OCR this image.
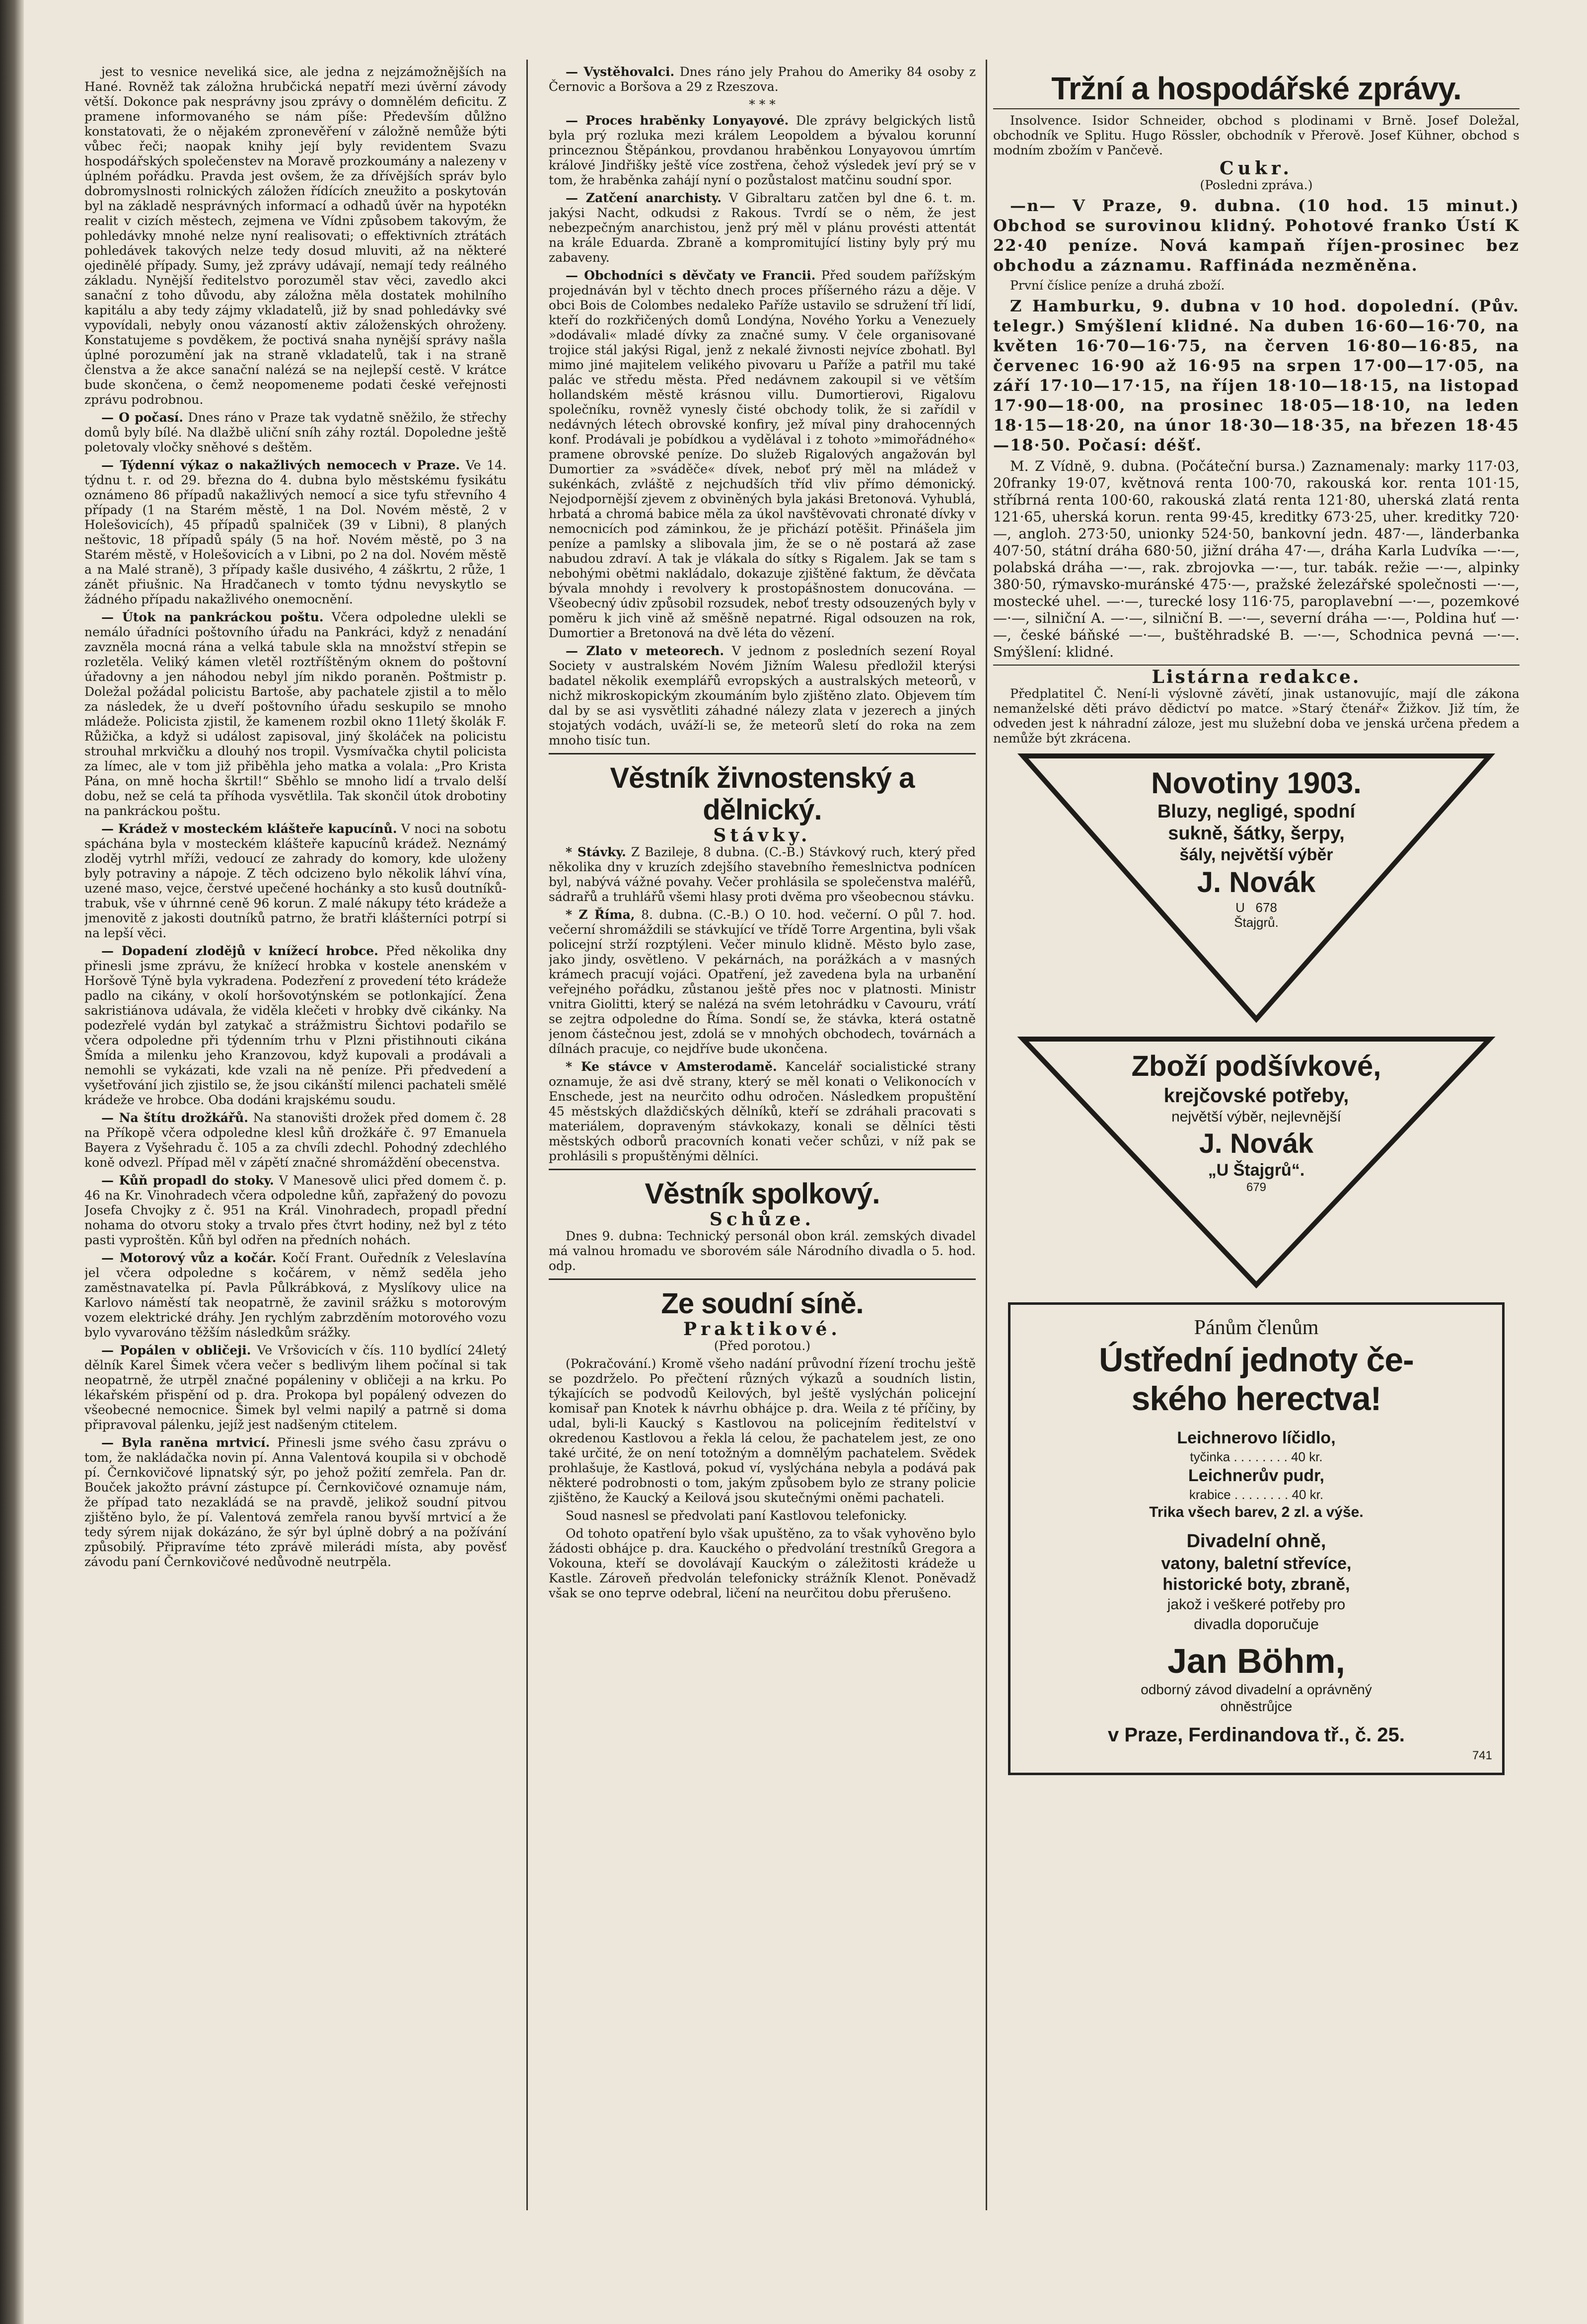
jest to vesnice neveliká sice, ale jedna z nejzámožnějších na Hané. Rovněž tak záložna hrubčická nepatří mezi úvěrní závody větší. Dokonce pak nesprávny jsou zprávy o domnělém deficitu. Z pramene informovaného se nám píše: Především důlžno konstatovati, že o nějakém zpronevěření v záložně nemůže býti vůbec řeči; naopak knihy její byly revidentem Svazu hospodářských společenstev na Moravě prozkoumány a nalezeny v úplném pořádku. Pravda jest ovšem, že za dřívějších správ bylo dobromyslnosti rolnických záložen řídících zneužito a poskytován byl na základě nesprávných informací a odhadů úvěr na hypotékn realit v cizích městech, zejmena ve Vídni způsobem takovým, že pohledávky mnohé nelze nyní realisovati; o effektivních ztrátách pohledávek takových nelze tedy dosud mluviti, až na některé ojedinělé případy. Sumy, jež zprávy udávají, nemají tedy reálného základu. Nynější ředitelstvo porozuměl stav věci, zavedlo akci sanační z toho důvodu, aby záložna měla dostatek mohilního kapitálu a aby tedy zájmy vkladatelů, již by snad pohledávky své vypovídali, nebyly onou vázaností aktiv záloženských ohroženy. Konstatujeme s povděkem, že poctivá snaha nynější správy našla úplné porozumění jak na straně vkladatelů, tak i na straně členstva a že akce sanační nalézá se na nejlepší cestě. V krátce bude skončena, o čemž neopomeneme podati české veřejnosti zprávu podrobnou.

— O počasí. Dnes ráno v Praze tak vydatně sněžilo, že střechy domů byly bílé. Na dlažbě uliční sníh záhy roztál. Dopoledne ještě poletovaly vločky sněhové s deštěm.

— Týdenní výkaz o nakažlivých nemocech v Praze. Ve 14. týdnu t. r. od 29. března do 4. dubna bylo městskému fysikátu oznámeno 86 případů nakažlivých nemocí a sice tyfu střevního 4 případy (1 na Starém městě, 1 na Dol. Novém městě, 2 v Holešovicích), 45 případů spalniček (39 v Libni), 8 planých neštovic, 18 případů spály (5 na hoř. Novém městě, po 3 na Starém městě, v Holešovicích a v Libni, po 2 na dol. Novém městě a na Malé straně), 3 případy kašle dusivého, 4 záškrtu, 2 růže, 1 zánět přiušnic. Na Hradčanech v tomto týdnu nevyskytlo se žádného případu nakažlivého onemocnění.

— Útok na pankráckou poštu. Včera odpoledne ulekli se nemálo úřadníci poštovního úřadu na Pankráci, když z nenadání zavzněla mocná rána a velká tabule skla na množství střepin se rozletěla. Veliký kámen vletěl roztříštěným oknem do poštovní úřadovny a jen náhodou nebyl jím nikdo poraněn. Poštmistr p. Doležal požádal policistu Bartoše, aby pachatele zjistil a to mělo za následek, že u dveří poštovního úřadu seskupilo se mnoho mládeže. Policista zjistil, že kamenem rozbil okno 11letý školák F. Růžička, a když si událost zapisoval, jiný školáček na policistu strouhal mrkvičku a dlouhý nos tropil. Vysmívačka chytil policista za límec, ale v tom již přiběhla jeho matka a volala: „Pro Krista Pána, on mně hocha škrtil!“ Sběhlo se mnoho lidí a trvalo delší dobu, než se celá ta příhoda vysvětlila. Tak skončil útok drobotiny na pankráckou poštu.

— Krádež v mosteckém klášteře kapucínů. V noci na sobotu spáchána byla v mosteckém klášteře kapucínů krádež. Neznámý zloděj vytrhl mříži, vedoucí ze zahrady do komory, kde uloženy byly potraviny a nápoje. Z těch odcizeno bylo několik láhví vína, uzené maso, vejce, čerstvé upečené hochánky a sto kusů doutníků-trabuk, vše v úhrnné ceně 96 korun. Z malé nákupy této krádeže a jmenovitě z jakosti doutníků patrno, že bratři klášterníci potrpí si na lepší věci.

— Dopadení zlodějů v knížecí hrobce. Před několika dny přinesli jsme zprávu, že knížecí hrobka v kostele anenském v Horšově Týně byla vykradena. Podezření z provedení této krádeže padlo na cikány, v okolí horšovotýnském se potlonkající. Žena sakristiánova udávala, že viděla klečeti v hrobky dvě cikánky. Na podezřelé vydán byl zatykač a strážmistru Šichtovi podařilo se včera odpoledne při týdenním trhu v Plzni přistihnouti cikána Šmída a milenku jeho Kranzovou, když kupovali a prodávali a nemohli se vykázati, kde vzali na ně peníze. Při předvedení a vyšetřování jich zjistilo se, že jsou cikánští milenci pachateli smělé krádeže ve hrobce. Oba dodáni krajskému soudu.

— Na štítu drožkářů. Na stanovišti drožek před domem č. 28 na Příkopě včera odpoledne klesl kůň drožkáře č. 97 Emanuela Bayera z Vyšehradu č. 105 a za chvíli zdechl. Pohodný zdechlého koně odvezl. Případ měl v zápětí značné shromáždění obecenstva.

— Kůň propadl do stoky. V Manesově ulici před domem č. p. 46 na Kr. Vinohradech včera odpoledne kůň, zapřažený do povozu Josefa Chvojky z č. 951 na Král. Vinohradech, propadl přední nohama do otvoru stoky a trvalo přes čtvrt hodiny, než byl z této pasti vyproštěn. Kůň byl odřen na předních nohách.

— Motorový vůz a kočár. Kočí Frant. Ouředník z Veleslavína jel včera odpoledne s kočárem, v němž seděla jeho zaměstnavatelka pí. Pavla Půlkrábková, z Myslíkovy ulice na Karlovo náměstí tak neopatrně, že zavinil srážku s motorovým vozem elektrické dráhy. Jen rychlým zabrzděním motorového vozu bylo vyvarováno těžším následkům srážky.

— Popálen v obličeji. Ve Vršovicích v čís. 110 bydlící 24letý dělník Karel Šimek včera večer s bedlivým lihem počínal si tak neopatrně, že utrpěl značné popáleniny v obličeji a na krku. Po lékařském přispění od p. dra. Prokopa byl popálený odvezen do všeobecné nemocnice. Šimek byl velmi napilý a patrně si doma připravoval pálenku, jejíž jest nadšeným ctitelem.

— Byla raněna mrtvicí. Přinesli jsme svého času zprávu o tom, že nakládačka novin pí. Anna Valentová koupila si v obchodě pí. Černkovičové lipnatský sýr, po jehož požití zemřela. Pan dr. Bouček jakožto právní zástupce pí. Černkovičové oznamuje nám, že případ tato nezakládá se na pravdě, jelikož soudní pitvou zjištěno bylo, že pí. Valentová zemřela ranou byvší mrtvicí a že tedy sýrem nijak dokázáno, že sýr byl úplně dobrý a na požívání způsobilý. Připravíme této zprávě milerádi místa, aby pověsť závodu paní Černkovičové nedůvodně neutrpěla.

— Vystěhovalci. Dnes ráno jely Prahou do Ameriky 84 osoby z Černovic a Boršova a 29 z Rzeszova.

* * *

— Proces hraběnky Lonyayové. Dle zprávy belgických listů byla prý rozluka mezi králem Leopoldem a bývalou korunní princeznou Štěpánkou, provdanou hraběnkou Lonyayovou úmrtím králové Jindřišky ještě více zostřena, čehož výsledek jeví prý se v tom, že hraběnka zahájí nyní o pozůstalost matčinu soudní spor.

— Zatčení anarchisty. V Gibraltaru zatčen byl dne 6. t. m. jakýsi Nacht, odkudsi z Rakous. Tvrdí se o něm, že jest nebezpečným anarchistou, jenž prý měl v plánu provésti attentát na krále Eduarda. Zbraně a kompromitující listiny byly prý mu zabaveny.

— Obchodníci s děvčaty ve Francii. Před soudem pařížským projednáván byl v těchto dnech proces příšerného rázu a děje. V obci Bois de Colombes nedaleko Paříže ustavilo se sdružení tří lidí, kteří do rozkřičených domů Londýna, Nového Yorku a Venezuely »dodávali« mladé dívky za značné sumy. V čele organisované trojice stál jakýsi Rigal, jenž z nekalé živnosti nejvíce zbohatl. Byl mimo jiné majitelem velikého pivovaru u Paříže a patřil mu také palác ve středu města. Před nedávnem zakoupil si ve větším hollandském městě krásnou villu. Dumortierovi, Rigalovu společníku, rovněž vynesly čisté obchody tolik, že si zařídil v nedávných létech obrovské konfiry, jež míval piny drahocenných konf. Prodávali je pobídkou a vydělával i z tohoto »mimořádného« pramene obrovské peníze. Do služeb Rigalových angažován byl Dumortier za »sváděče« dívek, neboť prý měl na mládež v sukénkách, zvláště z nejchudších tříd vliv přímo démonický. Nejodpornější zjevem z obviněných byla jakási Bretonová. Vyhublá, hrbatá a chromá babice měla za úkol navštěvovati chronaté dívky v nemocnicích pod záminkou, že je přichází potěšit. Přinášela jim peníze a pamlsky a slibovala jim, že se o ně postará až zase nabudou zdraví. A tak je vlákala do sítky s Rigalem. Jak se tam s nebohými obětmi nakládalo, dokazuje zjištěné faktum, že děvčata bývala mnohdy i revolvery k prostopášnostem donucována. — Všeobecný údiv způsobil rozsudek, neboť tresty odsouzených byly v poměru k jich vině až směšně nepatrné. Rigal odsouzen na rok, Dumortier a Bretonová na dvě léta do vězení.

— Zlato v meteorech. V jednom z posledních sezení Royal Society v australském Novém Jižním Walesu předložil kterýsi badatel několik exemplářů evropských a australských meteorů, v nichž mikroskopickým zkoumáním bylo zjištěno zlato. Objevem tím dal by se asi vysvětliti záhadné nálezy zlata v jezerech a jiných stojatých vodách, uváží-li se, že meteorů sletí do roka na zem mnoho tisíc tun.

Věstník živnostenský a dělnický.
Stávky.

* Stávky. Z Bazileje, 8 dubna. (C.-B.) Stávkový ruch, který před několika dny v kruzích zdejšího stavebního řemeslnictva podnícen byl, nabývá vážné povahy. Večer prohlásila se společenstva maléřů, sádrařů a truhlářů všemi hlasy proti dvěma pro všeobecnou stávku.

* Z Říma, 8. dubna. (C.-B.) O 10. hod. večerní. O půl 7. hod. večerní shromáždili se stávkující ve třídě Torre Argentina, byli však policejní strží rozptýleni. Večer minulo klidně. Město bylo zase, jako jindy, osvětleno. V pekárnách, na porážkách a v masných krámech pracují vojáci. Opatření, jež zavedena byla na urbanění veřejného pořádku, zůstanou ještě přes noc v platnosti. Ministr vnitra Giolitti, který se nalézá na svém letohrádku v Cavouru, vrátí se zejtra odpoledne do Říma. Sondí se, že stávka, která ostatně jenom částečnou jest, zdolá se v mnohých obchodech, továrnách a dílnách pracuje, co nejdříve bude ukončena.

* Ke stávce v Amsterodamě. Kancelář socialistické strany oznamuje, že asi dvě strany, který se měl konati o Velikonocích v Enschede, jest na neurčito odhu odročen. Následkem propuštění 45 městských dlaždičských dělníků, kteří se zdráhali pracovati s materiálem, dopraveným stávkokazy, konali se dělníci těsti městských odborů pracovních konati večer schůzi, v níž pak se prohlásili s propuštěnými dělníci.

Věstník spolkový.
Schůze.

Dnes 9. dubna: Technický personál obon král. zemských divadel má valnou hromadu ve sborovém sále Národního divadla o 5. hod. odp.

Ze soudní síně.
Praktikové.
(Před porotou.)

(Pokračování.) Kromě všeho nadání průvodní řízení trochu ještě se pozdrželo. Po přečtení různých výkazů a soudních listin, týkajících se podvodů Keilových, byl ještě vyslýchán policejní komisař pan Knotek k návrhu obhájce p. dra. Weila z té příčiny, by udal, byli-li Kaucký s Kastlovou na policejním ředitelství v okredenou Kastlovou a řekla lá celou, že pachatelem jest, ze ono také určité, že on není totožným a domnělým pachatelem. Svědek prohlašuje, že Kastlová, pokud ví, vyslýchána nebyla a podává pak některé podrobnosti o tom, jakým způsobem bylo ze strany policie zjištěno, že Kaucký a Keilová jsou skutečnými oněmi pachateli.

Soud nasnesl se předvolati paní Kastlovou telefonicky.

Od tohoto opatření bylo však upuštěno, za to však vyhověno bylo žádosti obhájce p. dra. Kauckého o předvolání trestníků Gregora a Vokouna, kteří se dovolávají Kauckým o záležitosti krádeže u Kastle. Zároveň předvolán telefonicky strážník Klenot. Poněvadž však se ono teprve odebral, ličení na neurčitou dobu přerušeno.

Tržní a hospodářské zprávy.

Insolvence. Isidor Schneider, obchod s plodinami v Brně. Josef Doležal, obchodník ve Splitu. Hugo Rössler, obchodník v Přerově. Josef Kühner, obchod s modním zbožím v Pančevě.

Cukr.
(Posledni zpráva.)

—n— V Praze, 9. dubna. (10 hod. 15 minut.) Obchod se surovinou klidný. Pohotové franko Ústí K 22·40 peníze. Nová kampaň říjen-prosinec bez obchodu a záznamu. Raffináda nezměněna.

První číslice peníze a druhá zboží.

Z Hamburku, 9. dubna v 10 hod. dopolední. (Pův. telegr.) Smýšlení klidné. Na duben 16·60—16·70, na květen 16·70—16·75, na červen 16·80—16·85, na červenec 16·90 až 16·95 na srpen 17·00—17·05, na září 17·10—17·15, na říjen 18·10—18·15, na listopad 17·90—18·00, na prosinec 18·05—18·10, na leden 18·15—18·20, na únor 18·30—18·35, na březen 18·45—18·50. Počasí: déšť.

M. Z Vídně, 9. dubna. (Počáteční bursa.) Zaznamenaly: marky 117·03, 20franky 19·07, květnová renta 100·70, rakouská kor. renta 101·15, stříbrná renta 100·60, rakouská zlatá renta 121·80, uherská zlatá renta 121·65, uherská korun. renta 99·45, kreditky 673·25, uher. kreditky 720·—, angloh. 273·50, unionky 524·50, bankovní jedn. 487·—, länderbanka 407·50, státní dráha 680·50, jižní dráha 47·—, dráha Karla Ludvíka —·—, polabská dráha —·—, rak. zbrojovka —·—, tur. tabák. režie —·—, alpinky 380·50, rýmavsko-muránské 475·—, pražské železářské společnosti —·—, mostecké uhel. —·—, turecké losy 116·75, paroplavební —·—, pozemkové —·—, silniční A. —·—, silniční B. —·—, severní dráha —·—, Poldina huť —·—, české báňské —·—, buštěhradské B. —·—, Schodnica pevná —·—. Smýšlení: klidné.

Listárna redakce.

Předplatitel Č. Není-li výslovně závětí, jinak ustanovujíc, mají dle zákona nemanželské děti právo dědictví po matce. »Starý čtenář« Žižkov. Již tím, že odveden jest k náhradní záloze, jest mu služební doba ve jenská určena předem a nemůže být zkrácena.

Novotiny 1903.
Bluzy, negligé, spodní
sukně, šátky, šerpy,
šály, největší výběr
J. Novák
U 678
Štajgrů.
Zboží podšívkové,
krejčovské potřeby,
největší výběr, nejlevnější
J. Novák
„U Štajgrů“.
679
Pánům členům
Ústřední jednoty če-
ského herectva!
Leichnerovo líčidlo,
tyčinka . . . . . . . . 40 kr.
Leichnerův pudr,
krabice . . . . . . . . 40 kr.
Trika všech barev, 2 zl. a výše.
Divadelní ohně,
vatony, baletní střevíce,
historické boty, zbraně,
jakož i veškeré potřeby pro
divadla doporučuje
Jan Böhm,
odborný závod divadelní a oprávněný
ohněstrůjce
v Praze, Ferdinandova tř., č. 25.
741
